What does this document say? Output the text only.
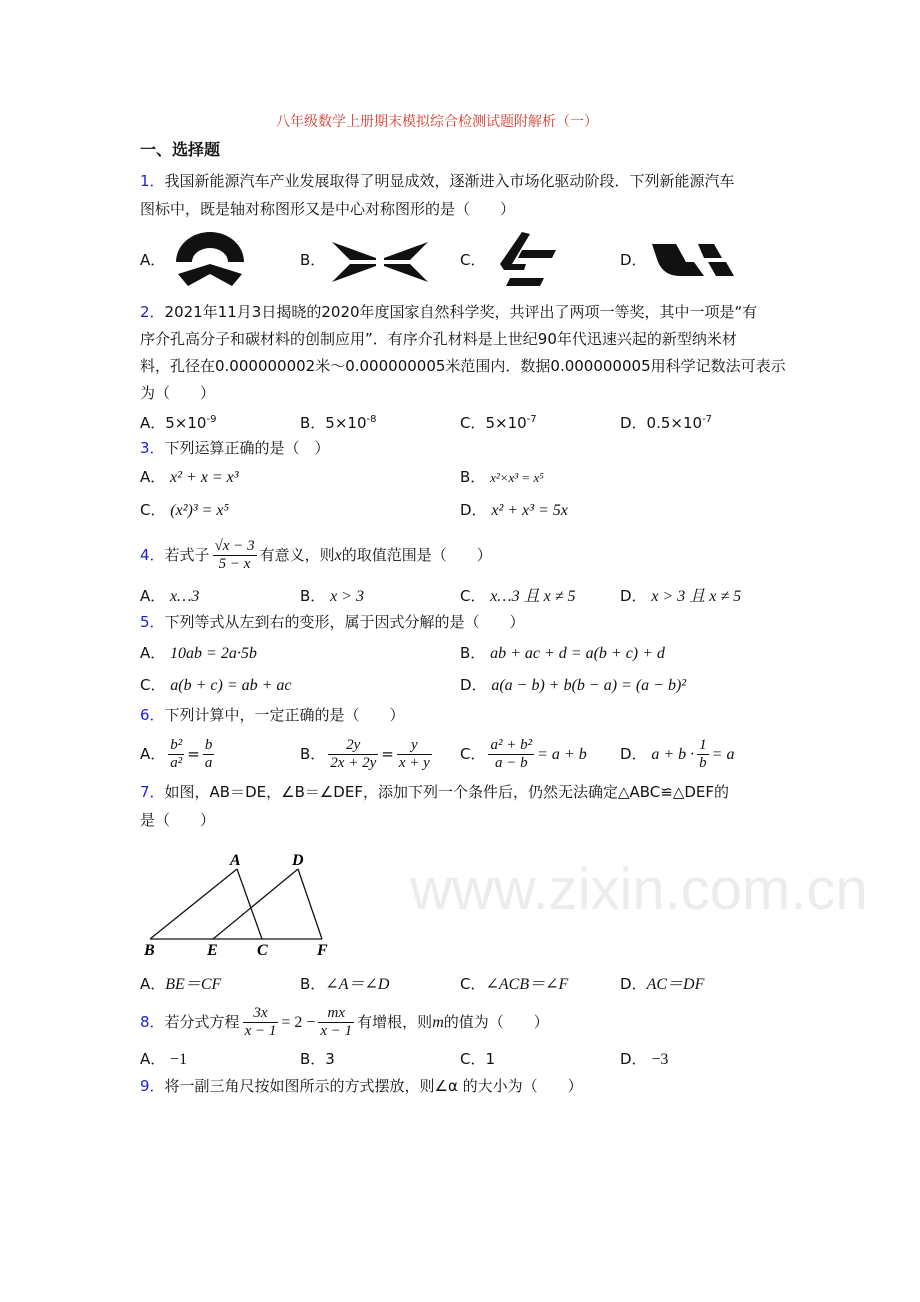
www.zixin.com.cn
八年级数学上册期末模拟综合检测试题附解析（一）
一、选择题
1．我国新能源汽车产业发展取得了明显成效，逐渐进入市场化驱动阶段．下列新能源汽车
图标中，既是轴对称图形又是中心对称图形的是（　　）
A．	B．	C．	D．
2．2021年11月3日揭晓的2020年度国家自然科学奖，共评出了两项一等奖，其中一项是“有
序介孔高分子和碳材料的创制应用”．有序介孔材料是上世纪90年代迅速兴起的新型纳米材
料，孔径在0.000000002米～0.000000005米范围内．数据0.000000005用科学记数法可表示
为（　　）
A．$5\times 10^{-9}$	B．$5\times 10^{-8}$	C．$5\times 10^{-7}$	D．$0.5\times 10^{-7}$
3．下列运算正确的是（　）
A． x² + x = x³	B． x²×x³ = x⁵
C． (x²)³ = x⁵	D． x² + x³ = 5x
4．若式子 $\frac{√x - 3}{5 - x}$ 有意义，则x的取值范围是（　　）
A． x…3	B． x > 3	C． x…3 且 x ≠ 5	D． x > 3 且 x ≠ 5
5．下列等式从左到右的变形，属于因式分解的是（　　）
A． 10ab = 2a·5b	B． ab + ac + d = a(b + c) + d
C． a(b + c) = ab + ac	D． a(a − b) + b(b − a) = (a − b)²
6．下列计算中，一定正确的是（　　）
A． $\frac{\text{b²}}{\text{a²}} = \frac{b}{a}$	B． $\frac{2y}{2x + 2y} = \frac{y}{x + y}$ C． $\frac{\text{a² + b²}}{a - b} = a + b$ D． $a + b \cdot \frac{1}{b} = a$
7．如图，AB＝DE，∠B＝∠DEF，添加下列一个条件后，仍然无法确定△ABC≌△DEF的
是（　　）
A	D
B	E C	F
A．BE＝CF	B．∠A＝∠D	C．∠ACB＝∠F	D．AC＝DF
8．若分式方程 $\frac{3x}{x - 1} = 2 - \frac{mx}{x - 1}$ 有增根，则m的值为（　　）
A． −1	B．3	C．1	D． −3
9．将一副三角尺按如图所示的方式摆放，则∠α 的大小为（　　）
